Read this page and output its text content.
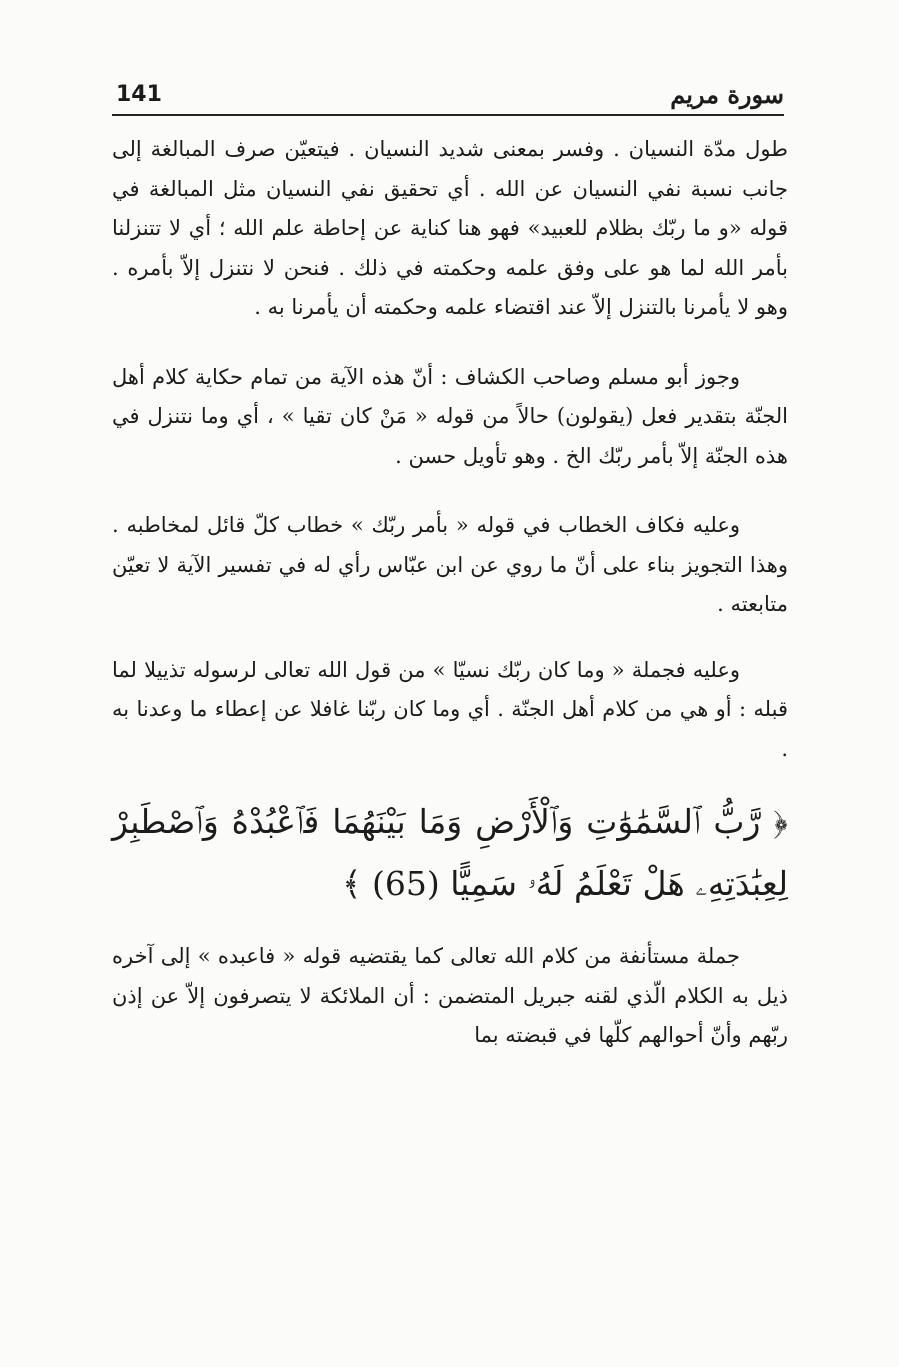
141	سورة مريم

طول مدّة النسيان . وفسر بمعنى شديد النسيان . فيتعيّن صرف المبالغة إلى جانب نسبة نفي النسيان عن الله . أي تحقيق نفي النسيان مثل المبالغة في قوله «و ما ربّك بظلام للعبيد» فهو هنا كناية عن إحاطة علم الله ؛ أي لا تتنزلنا بأمر الله لما هو على وفق علمه وحكمته في ذلك . فنحن لا نتنزل إلاّ بأمره . وهو لا يأمرنا بالتنزل إلاّ عند اقتضاء علمه وحكمته أن يأمرنا به .

وجوز أبو مسلم وصاحب الكشاف : أنّ هذه الآية من تمام حكاية كلام أهل الجنّة بتقدير فعل (يقولون) حالاً من قوله « مَنْ كان تقيا » ، أي وما نتنزل في هذه الجنّة إلاّ بأمر ربّك الخ . وهو تأويل حسن .

وعليه فكاف الخطاب في قوله « بأمر ربّك » خطاب كلّ قائل لمخاطبه . وهذا التجويز بناء على أنّ ما روي عن ابن عبّاس رأي له في تفسير الآية لا تعيّن متابعته .

وعليه فجملة « وما كان ربّك نسيّا » من قول الله تعالى لرسوله تذييلا لما قبله : أو هي من كلام أهل الجنّة . أي وما كان ربّنا غافلا عن إعطاء ما وعدنا به .

﴿ رَّبُّ ٱلسَّمَٰوَٰتِ وَٱلْأَرْضِ وَمَا بَيْنَهُمَا فَٱعْبُدْهُ وَٱصْطَبِرْ لِعِبَٰدَتِهِۦ هَلْ تَعْلَمُ لَهُۥ سَمِيًّا (65) ﴾

جملة مستأنفة من كلام الله تعالى كما يقتضيه قوله « فاعبده » إلى آخره ذيل به الكلام الّذي لقنه جبريل المتضمن : أن الملائكة لا يتصرفون إلاّ عن إذن ربّهم وأنّ أحوالهم كلّها في قبضته بما
